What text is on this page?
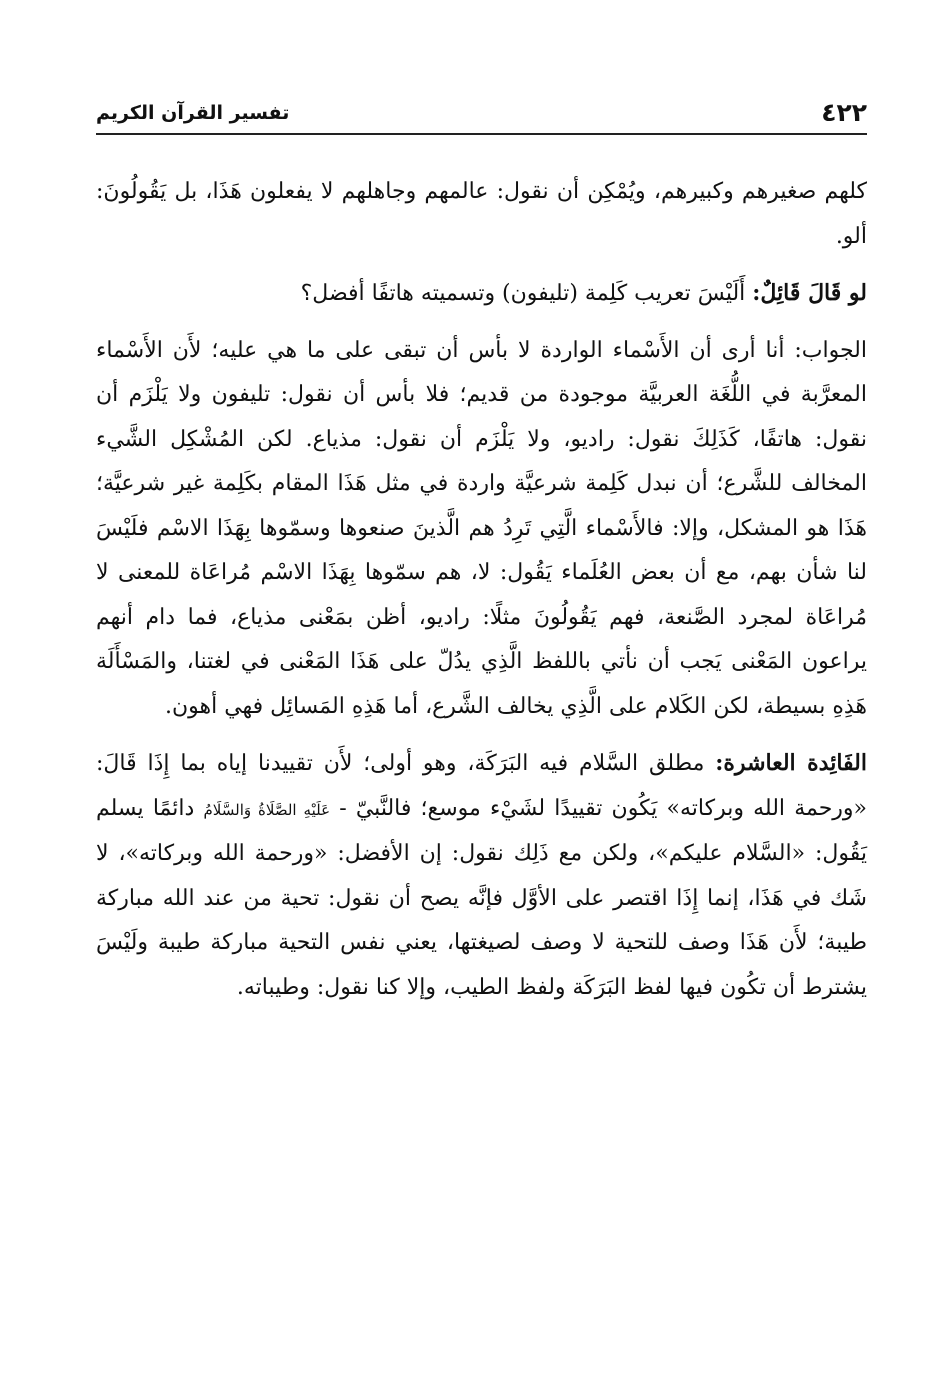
٤٢٢
تفسير القرآن الكريم

كلهم صغيرهم وكبيرهم، ويُمْكِن أن نقول: عالمهم وجاهلهم لا يفعلون هَذَا، بل يَقُولُونَ: ألو.

لو قَالَ قَائِلٌ: أَلَيْسَ تعريب كَلِمة (تليفون) وتسميته هاتفًا أفضل؟

الجواب: أنا أرى أن الأَسْماء الواردة لا بأس أن تبقى على ما هي عليه؛ لأَن الأَسْماء المعرَّبة في اللُّغَة العربيَّة موجودة من قديم؛ فلا بأس أن نقول: تليفون ولا يَلْزَم أن نقول: هاتفًا، كَذَلِكَ نقول: راديو، ولا يَلْزَم أن نقول: مذياع. لكن المُشْكِل الشَّيء المخالف للشَّرع؛ أن نبدل كَلِمة شرعيَّة واردة في مثل هَذَا المقام بكَلِمة غير شرعيَّة؛ هَذَا هو المشكل، وإلا: فالأَسْماء الَّتِي تَرِدُ هم الَّذينَ صنعوها وسمّوها بِهَذَا الاسْم فلَيْسَ لنا شأن بهم، مع أن بعض العُلَماء يَقُول: لا، هم سمّوها بِهَذَا الاسْم مُراعَاة للمعنى لا مُراعَاة لمجرد الصَّنعة، فهم يَقُولُونَ مثلًا: راديو، أظن بمَعْنى مذياع، فما دام أنهم يراعون المَعْنى يَجب أن نأتي باللفظ الَّذِي يدُلّ على هَذَا المَعْنى في لغتنا، والمَسْأَلَة هَذِهِ بسيطة، لكن الكَلام على الَّذِي يخالف الشَّرع، أما هَذِهِ المَسائِل فهي أهون.

الفَائِدة العاشرة: مطلق السَّلام فيه البَرَكَة، وهو أولى؛ لأَن تقييدنا إياه بما إِذَا قَالَ: «ورحمة الله وبركاته» يَكُون تقييدًا لشَيْء موسع؛ فالنَّبيّ - عَلَيْهِ الصَّلَاةُ وَالسَّلَامُ دائمًا يسلم يَقُول: «السَّلام عليكم»، ولكن مع ذَلِك نقول: إن الأفضل: «ورحمة الله وبركاته»، لا شَك في هَذَا، إنما إِذَا اقتصر على الأوَّل فإنَّه يصح أن نقول: تحية من عند الله مباركة طيبة؛ لأَن هَذَا وصف للتحية لا وصف لصيغتها، يعني نفس التحية مباركة طيبة ولَيْسَ يشترط أن تكُون فيها لفظ البَرَكَة ولفظ الطيب، وإلا كنا نقول: وطيباته.
